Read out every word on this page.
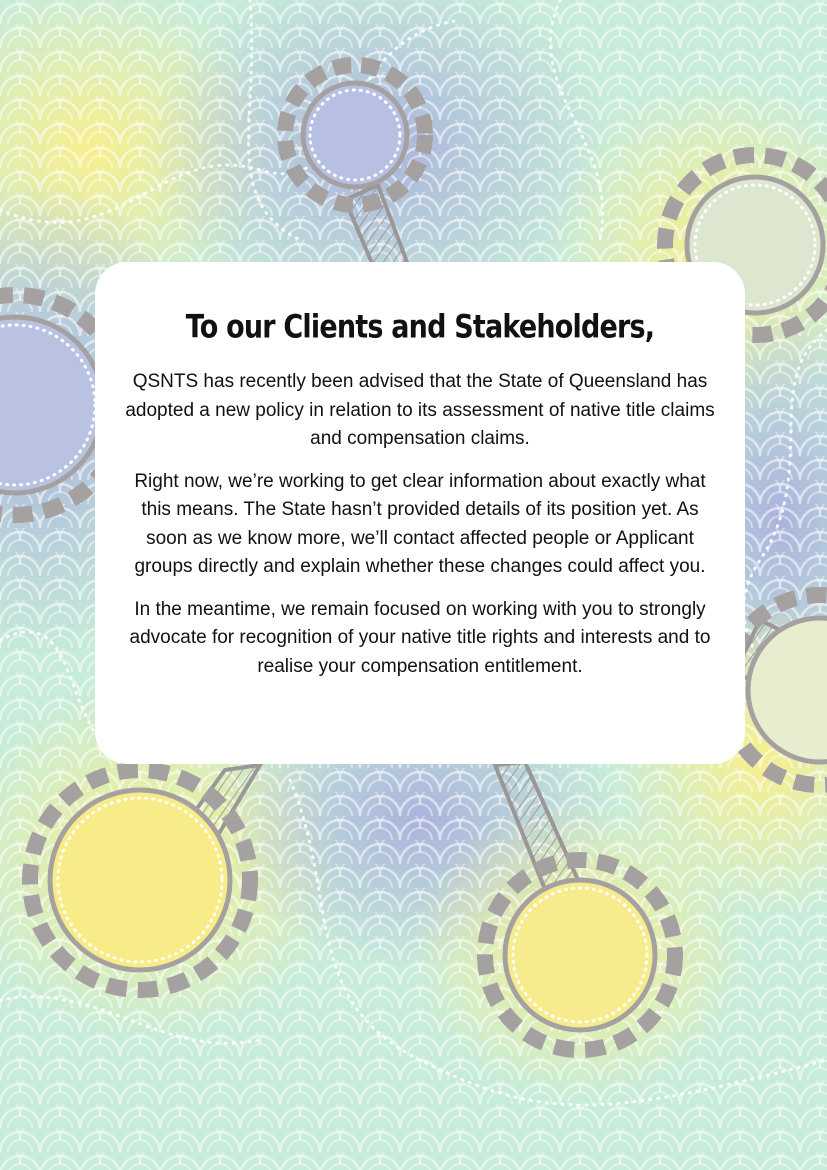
To our Clients and Stakeholders,

QSNTS has recently been advised that the State of Queensland has adopted a new policy in relation to its assessment of native title claims and compensation claims.

Right now, we’re working to get clear information about exactly what this means. The State hasn’t provided details of its position yet. As soon as we know more, we’ll contact affected people or Applicant groups directly and explain whether these changes could affect you.

In the meantime, we remain focused on working with you to strongly advocate for recognition of your native title rights and interests and to realise your compensation entitlement.
